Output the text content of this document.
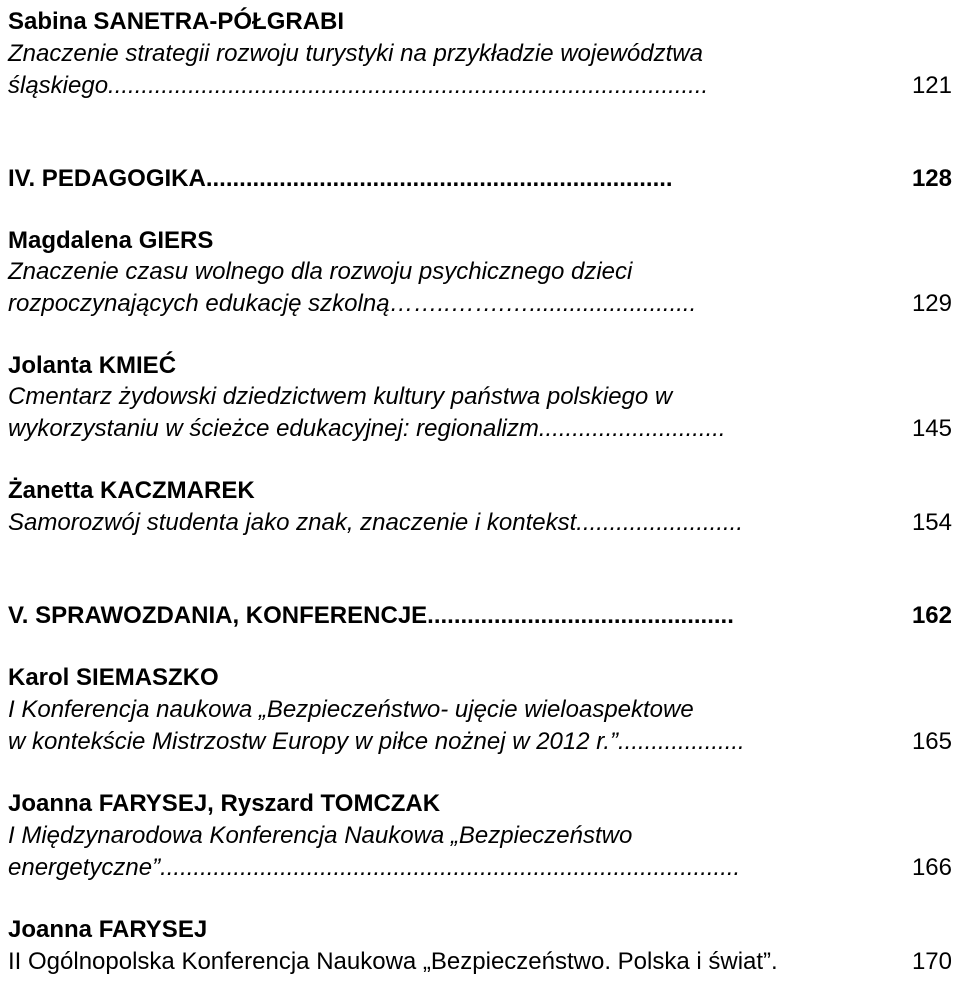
Sabina SANETRA-PÓŁGRABI
Znaczenie strategii rozwoju turystyki na przykładzie województwa
śląskiego..........................................................................................	121
IV. PEDAGOGIKA......................................................................	128
Magdalena GIERS
Znaczenie czasu wolnego dla rozwoju psychicznego dzieci
rozpoczynających edukację szkolną……..…….….........................	129
Jolanta KMIEĆ
Cmentarz żydowski dziedzictwem kultury państwa polskiego w
wykorzystaniu w ścieżce edukacyjnej: regionalizm............................	145
Żanetta KACZMAREK
Samorozwój studenta jako znak, znaczenie i kontekst.........................	154
V. SPRAWOZDANIA, KONFERENCJE..............................................	162
Karol SIEMASZKO
I Konferencja naukowa „Bezpieczeństwo- ujęcie wieloaspektowe
w kontekście Mistrzostw Europy w piłce nożnej w 2012 r.”...................	165
Joanna FARYSEJ, Ryszard TOMCZAK
I Międzynarodowa Konferencja Naukowa „Bezpieczeństwo
energetyczne”.......................................................................................	166
Joanna FARYSEJ
II Ogólnopolska Konferencja Naukowa „Bezpieczeństwo. Polska i świat”.	170
